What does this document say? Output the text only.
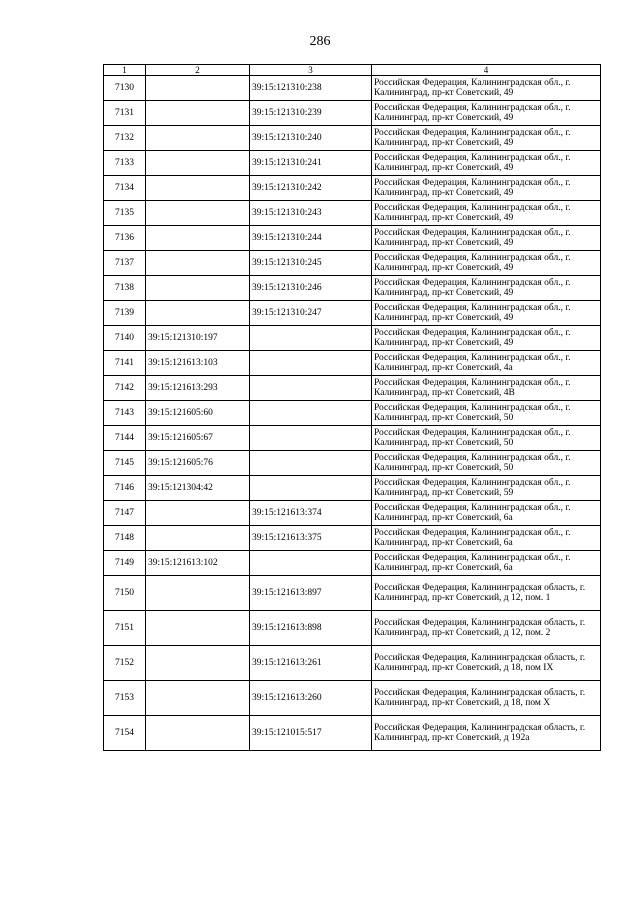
286
1	2	3	4
7130		39:15:121310:238	Российская Федерация, Калининградская обл., г. Калининград, пр-кт Советский, 49
7131		39:15:121310:239	Российская Федерация, Калининградская обл., г. Калининград, пр-кт Советский, 49
7132		39:15:121310:240	Российская Федерация, Калининградская обл., г. Калининград, пр-кт Советский, 49
7133		39:15:121310:241	Российская Федерация, Калининградская обл., г. Калининград, пр-кт Советский, 49
7134		39:15:121310:242	Российская Федерация, Калининградская обл., г. Калининград, пр-кт Советский, 49
7135		39:15:121310:243	Российская Федерация, Калининградская обл., г. Калининград, пр-кт Советский, 49
7136		39:15:121310:244	Российская Федерация, Калининградская обл., г. Калининград, пр-кт Советский, 49
7137		39:15:121310:245	Российская Федерация, Калининградская обл., г. Калининград, пр-кт Советский, 49
7138		39:15:121310:246	Российская Федерация, Калининградская обл., г. Калининград, пр-кт Советский, 49
7139		39:15:121310:247	Российская Федерация, Калининградская обл., г. Калининград, пр-кт Советский, 49
7140	39:15:121310:197		Российская Федерация, Калининградская обл., г. Калининград, пр-кт Советский, 49
7141	39:15:121613:103		Российская Федерация, Калининградская обл., г. Калининград, пр-кт Советский, 4а
7142	39:15:121613:293		Российская Федерация, Калининградская обл., г. Калининград, пр-кт Советский, 4В
7143	39:15:121605:60		Российская Федерация, Калининградская обл., г. Калининград, пр-кт Советский, 50
7144	39:15:121605:67		Российская Федерация, Калининградская обл., г. Калининград, пр-кт Советский, 50
7145	39:15:121605:76		Российская Федерация, Калининградская обл., г. Калининград, пр-кт Советский, 50
7146	39:15:121304:42		Российская Федерация, Калининградская обл., г. Калининград, пр-кт Советский, 59
7147		39:15:121613:374	Российская Федерация, Калининградская обл., г. Калининград, пр-кт Советский, 6а
7148		39:15:121613:375	Российская Федерация, Калининградская обл., г. Калининград, пр-кт Советский, 6а
7149	39:15:121613:102		Российская Федерация, Калининградская обл., г. Калининград, пр-кт Советский, 6а
7150		39:15:121613:897	Российская Федерация, Калининградская область, г. Калининград, пр-кт Советский, д 12, пом. 1
7151		39:15:121613:898	Российская Федерация, Калининградская область, г. Калининград, пр-кт Советский, д 12, пом. 2
7152		39:15:121613:261	Российская Федерация, Калининградская область, г. Калининград, пр-кт Советский, д 18, пом IX
7153		39:15:121613:260	Российская Федерация, Калининградская область, г. Калининград, пр-кт Советский, д 18, пом X
7154		39:15:121015:517	Российская Федерация, Калининградская область, г. Калининград, пр-кт Советский, д 192а
